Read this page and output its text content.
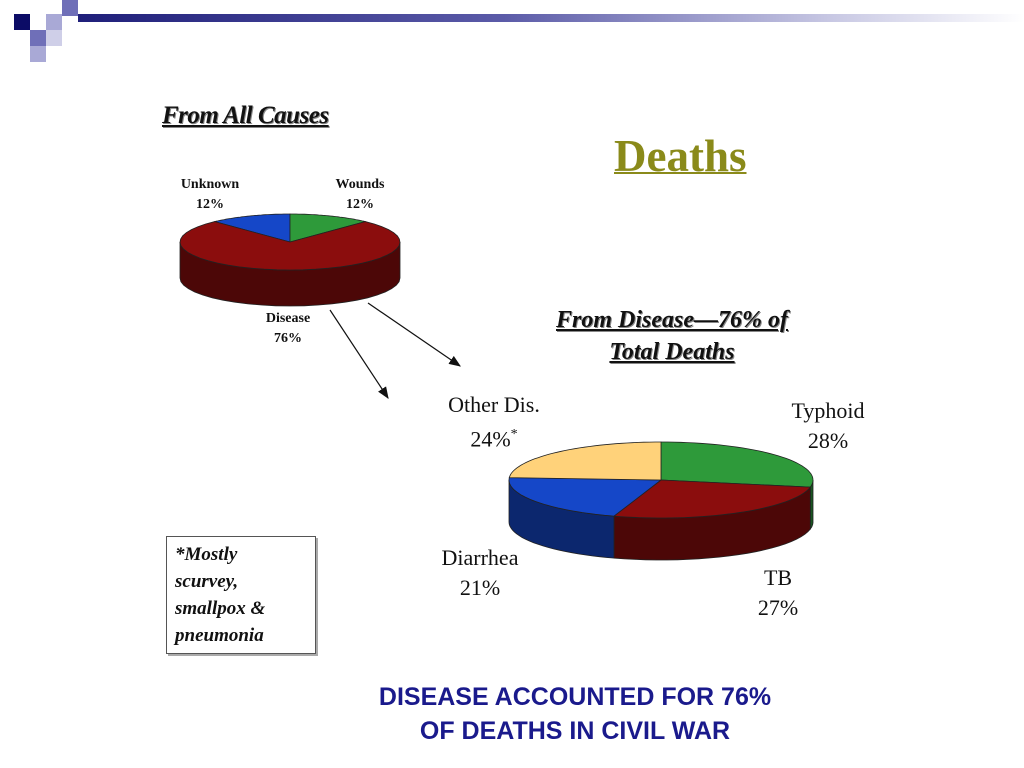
From All Causes
Deaths
Unknown
12%
Wounds
12%
Disease
76%
From Disease—76% of
Total Deaths
Other Dis.
24%*
Typhoid
28%
Diarrhea
21%	TB
27%
*Mostly
scurvey,
smallpox &
pneumonia
DISEASE ACCOUNTED FOR 76%
OF DEATHS IN CIVIL WAR
